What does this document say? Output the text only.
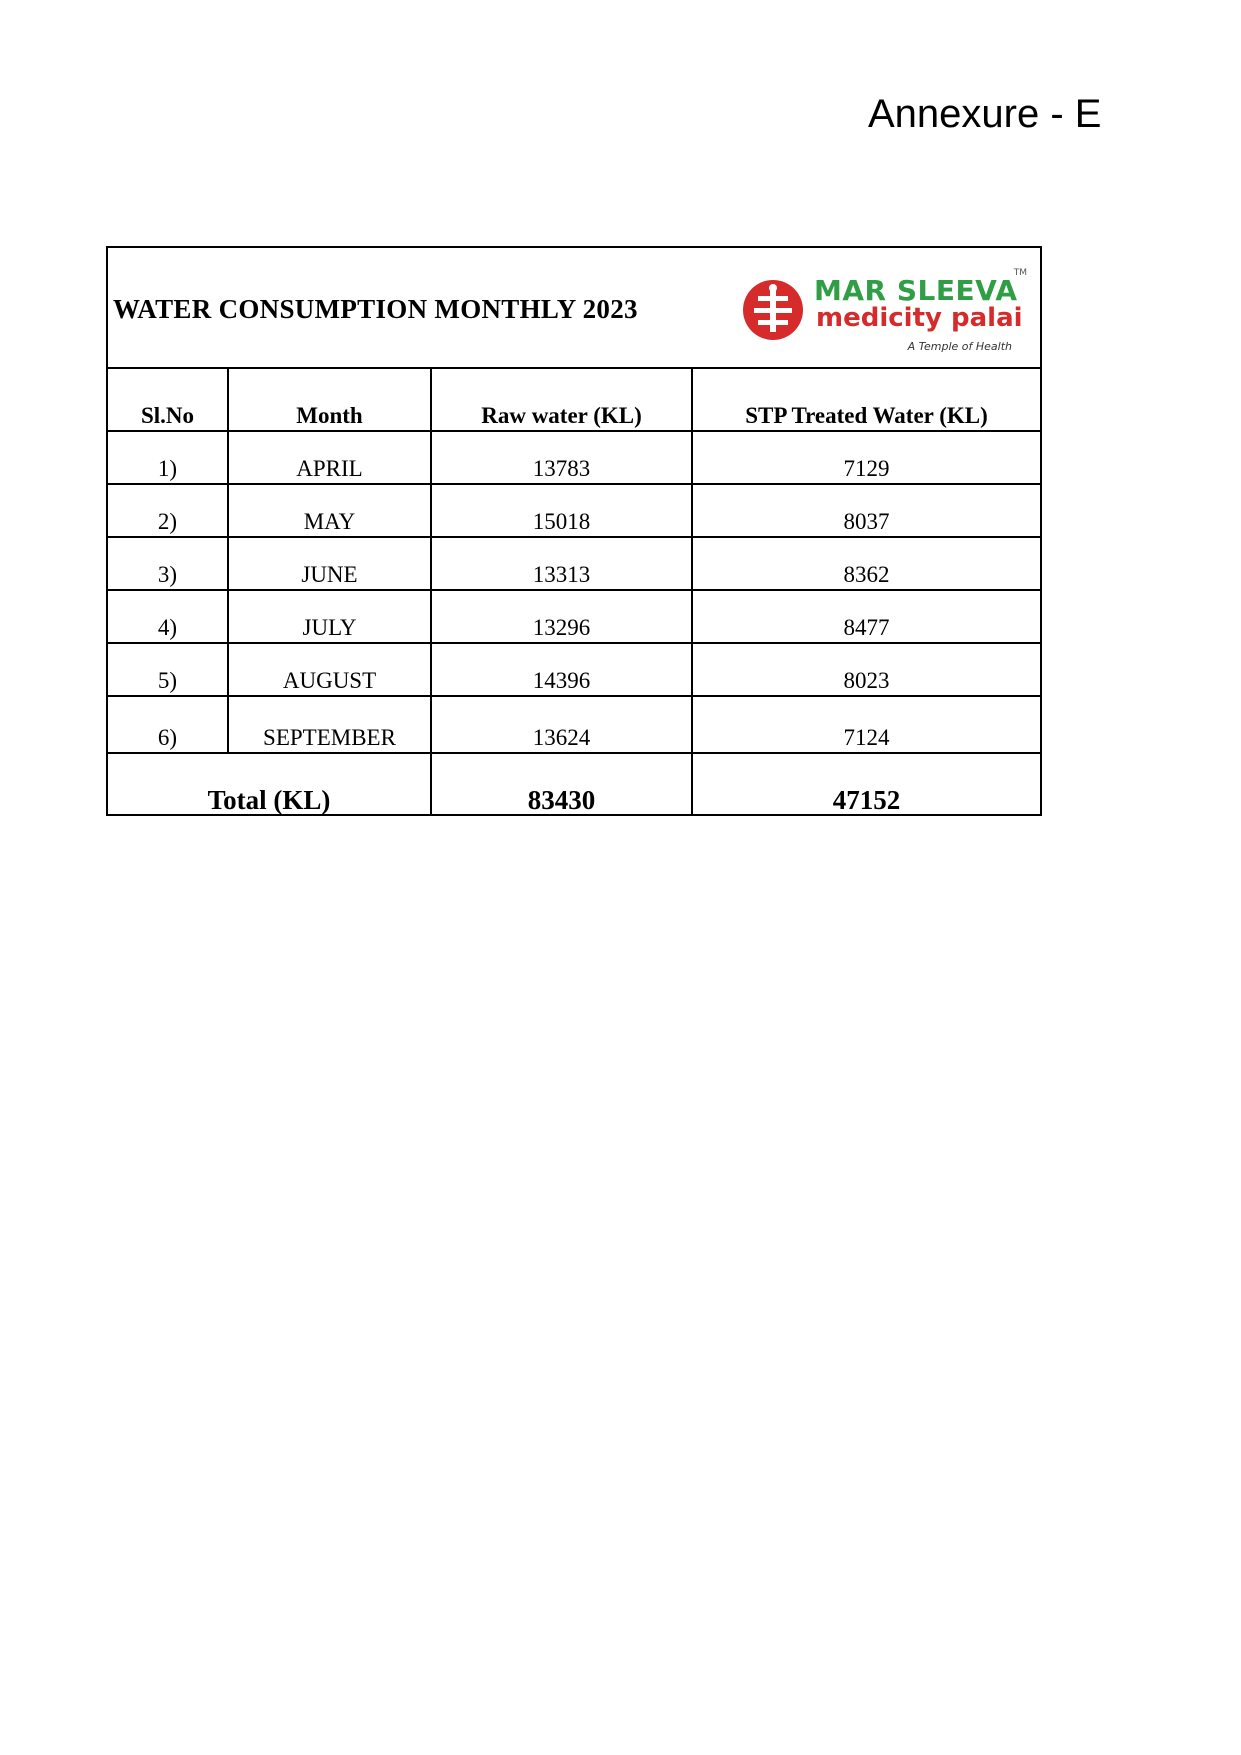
Annexure - E
WATER CONSUMPTION MONTHLY 2023
MAR SLEEVA
medicity palai
A Temple of Health
TM
Sl.No	Month	Raw water (KL)	STP Treated Water (KL)
1)	APRIL	13783	7129
2)	MAY	15018	8037
3)	JUNE	13313	8362
4)	JULY	13296	8477
5)	AUGUST	14396	8023
6)	SEPTEMBER	13624	7124
Total (KL)		83430	47152
